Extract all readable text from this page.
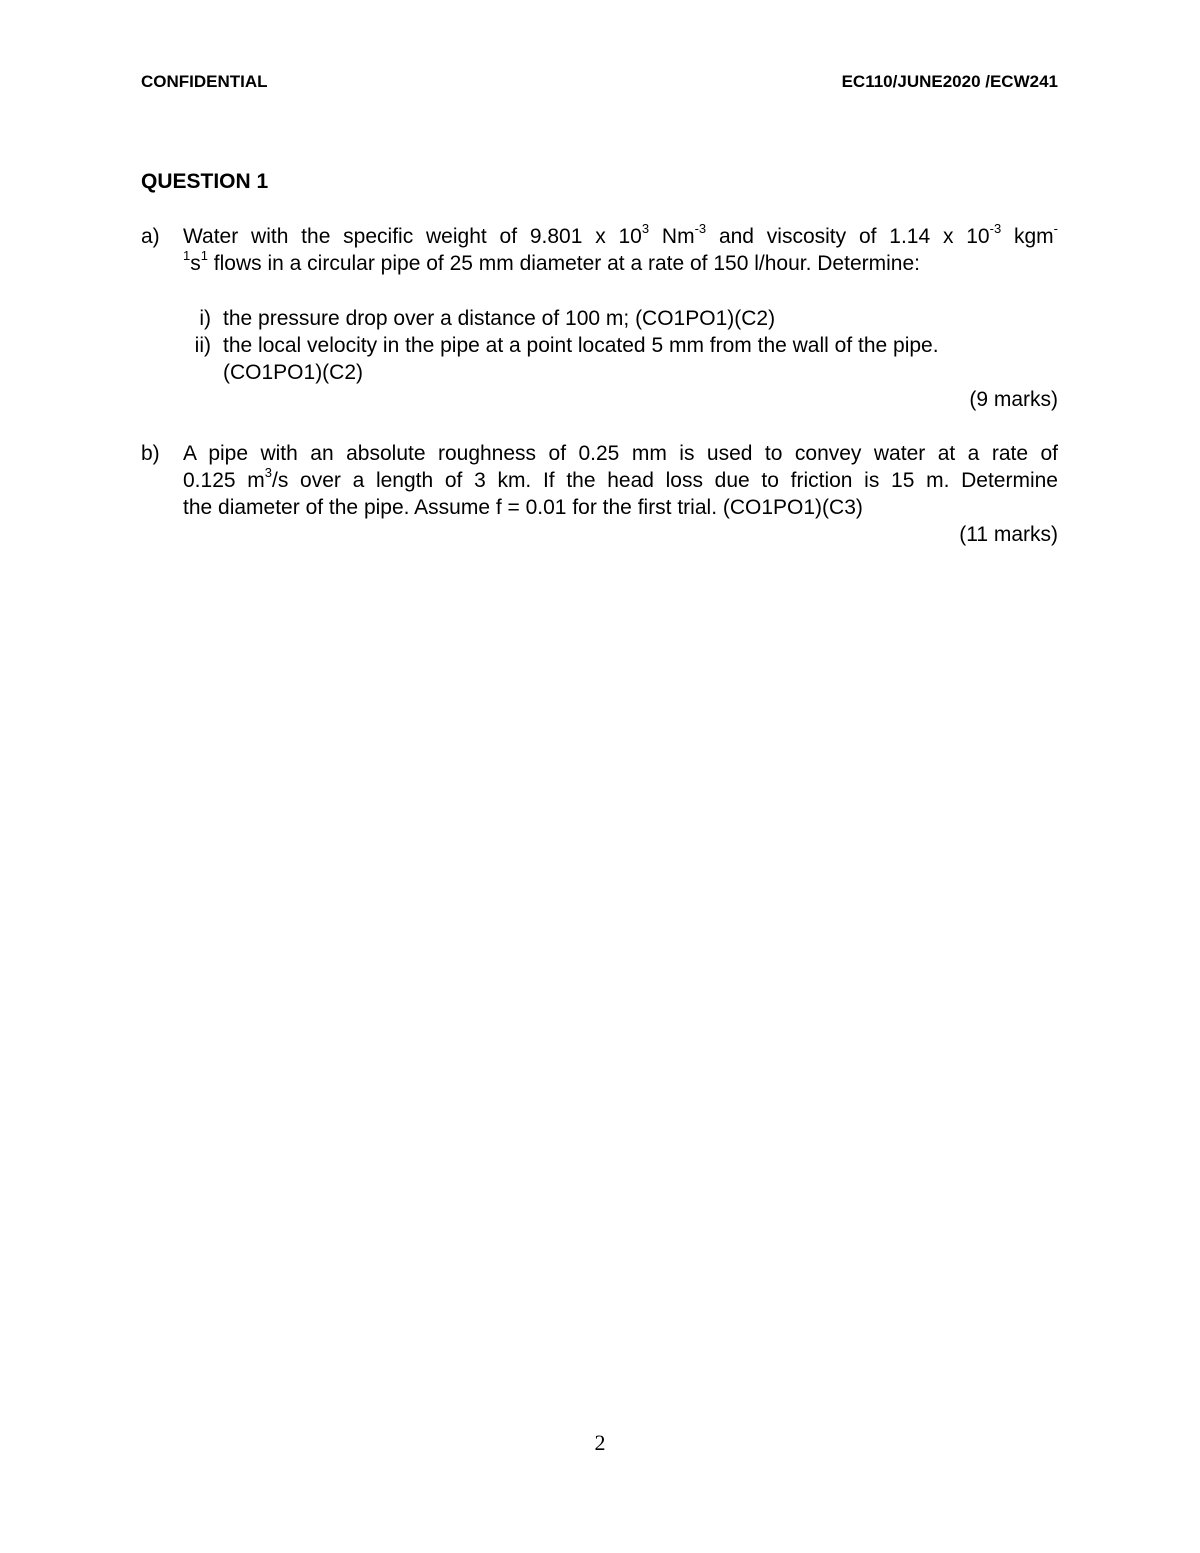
CONFIDENTIAL	EC110/JUNE2020 /ECW241
QUESTION 1
a) Water with the specific weight of 9.801 x $10^3$ $Nm^{-3}$ and viscosity of 1.14 x $10^{-3}$ kgm-
$^1s^1$ flows in a circular pipe of 25 mm diameter at a rate of 150 l/hour. Determine:
i) the pressure drop over a distance of 100 m; (CO1PO1)(C2)
ii) the local velocity in the pipe at a point located 5 mm from the wall of the pipe.
(CO1PO1)(C2)
(9 marks)
b) A pipe with an absolute roughness of 0.25 mm is used to convey water at a rate of
0.125 $m^3/s$ over a length of 3 km. If the head loss due to friction is 15 m. Determine
the diameter of the pipe. Assume f = 0.01 for the first trial. (CO1PO1)(C3)
(11 marks)
2
